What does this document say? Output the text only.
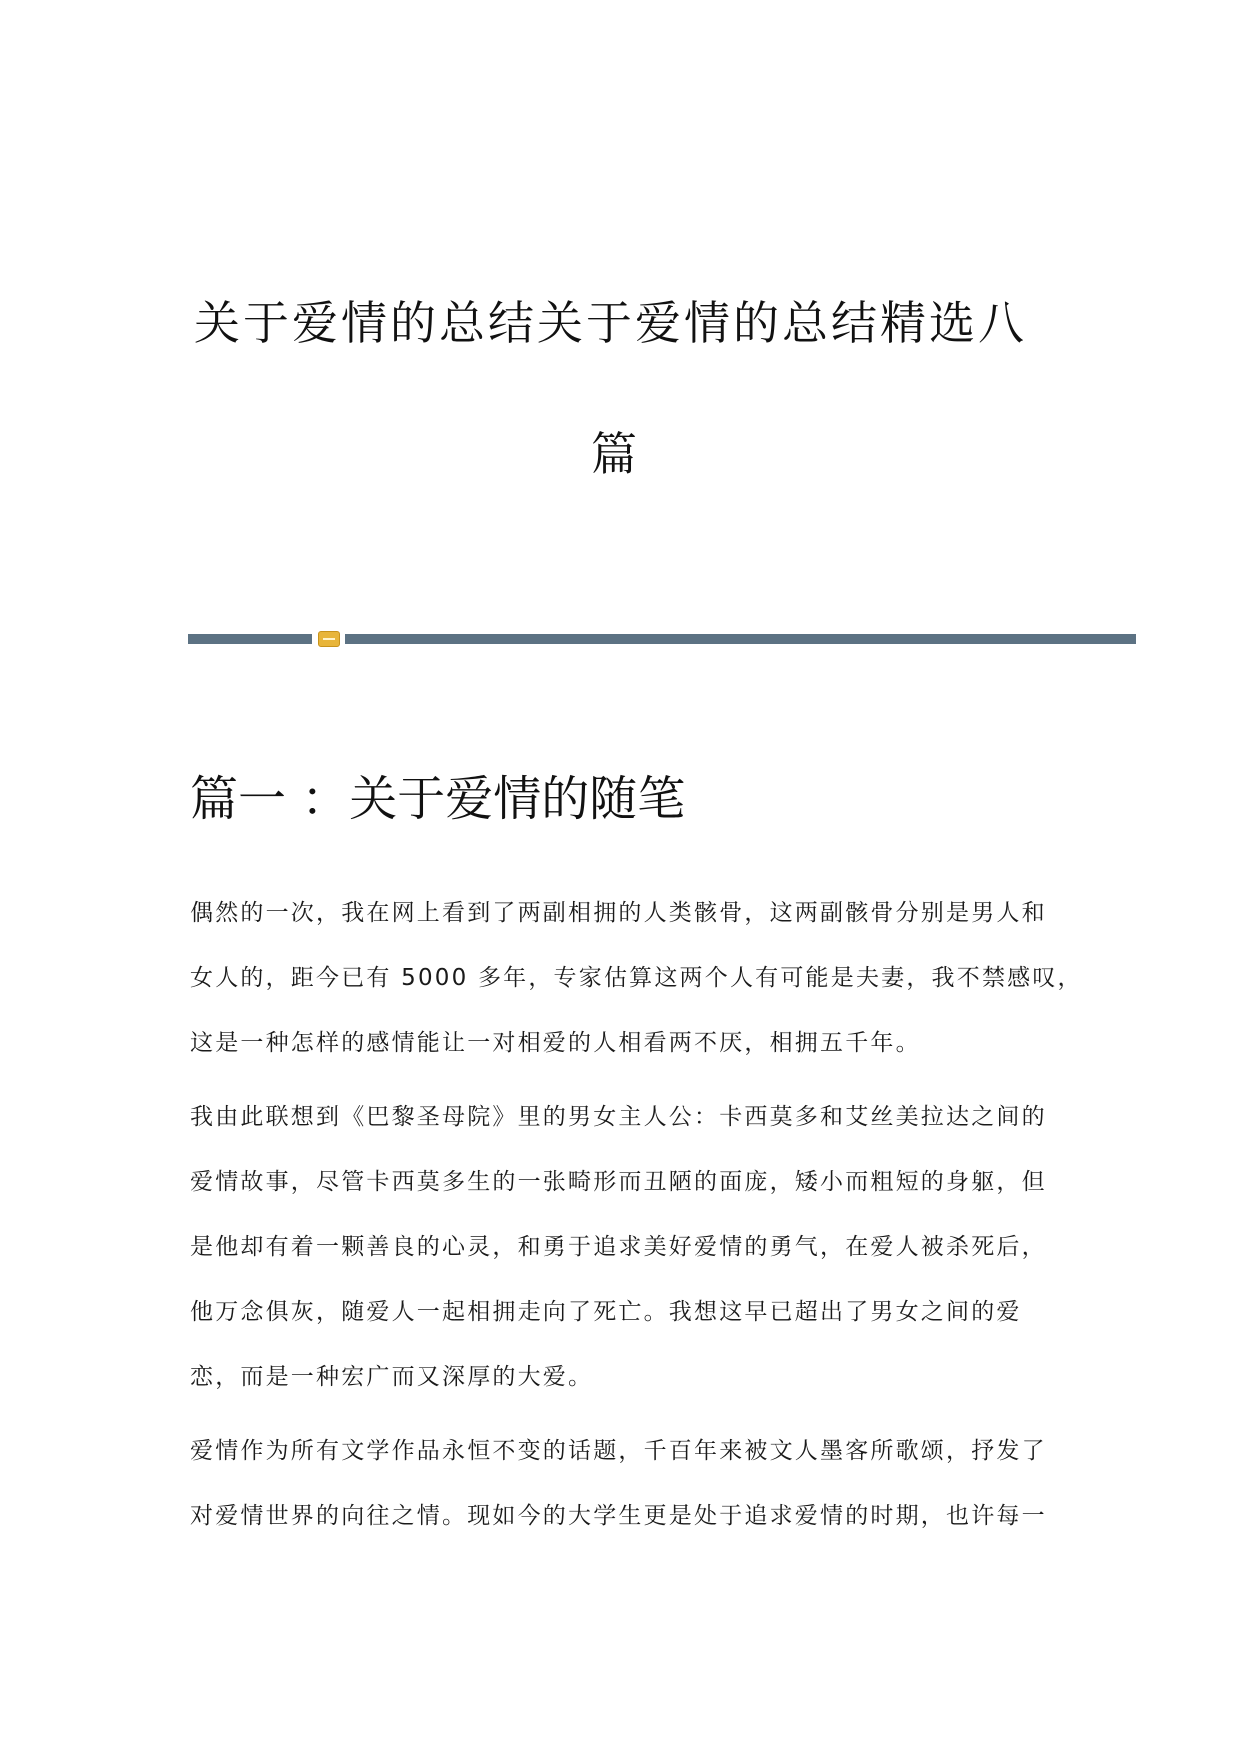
关于爱情的总结关于爱情的总结精选八
篇
篇一 ：关于爱情的随笔
偶然的一次，我在网上看到了两副相拥的人类骸骨，这两副骸骨分别是男人和
女人的，距今已有 5000 多年，专家估算这两个人有可能是夫妻，我不禁感叹，
这是一种怎样的感情能让一对相爱的人相看两不厌，相拥五千年。
我由此联想到《巴黎圣母院》里的男女主人公：卡西莫多和艾丝美拉达之间的
爱情故事，尽管卡西莫多生的一张畸形而丑陋的面庞，矮小而粗短的身躯，但
是他却有着一颗善良的心灵，和勇于追求美好爱情的勇气，在爱人被杀死后，
他万念俱灰，随爱人一起相拥走向了死亡。我想这早已超出了男女之间的爱
恋，而是一种宏广而又深厚的大爱。
爱情作为所有文学作品永恒不变的话题，千百年来被文人墨客所歌颂，抒发了
对爱情世界的向往之情。现如今的大学生更是处于追求爱情的时期，也许每一
